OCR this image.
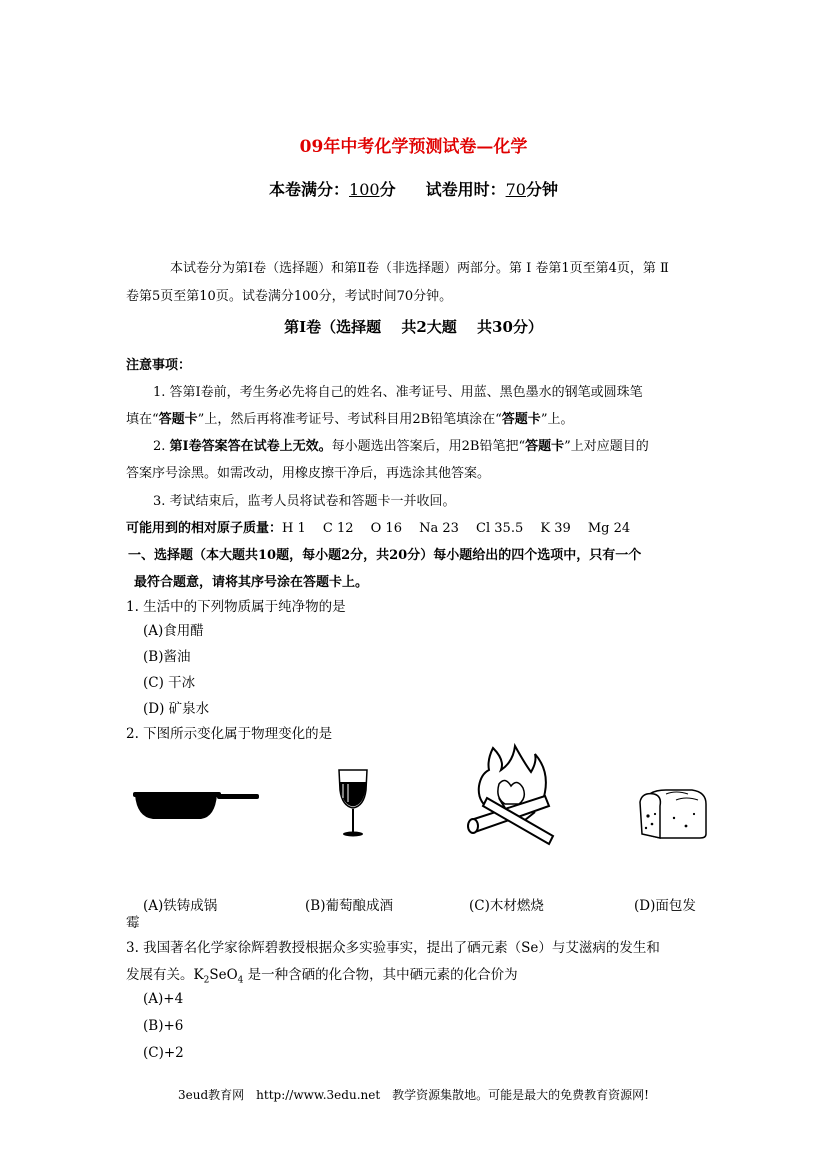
09年中考化学预测试卷—化学
本卷满分：100分 试卷用时：70分钟
本试卷分为第Ⅰ卷（选择题）和第Ⅱ卷（非选择题）两部分。第 Ⅰ 卷第1页至第4页，第 Ⅱ
卷第5页至第10页。试卷满分100分，考试时间70分钟。
第Ⅰ卷（选择题　 共2大题　 共30分）
注意事项：
1. 答第Ⅰ卷前，考生务必先将自己的姓名、准考证号、用蓝、黑色墨水的钢笔或圆珠笔
填在“答题卡”上，然后再将准考证号、考试科目用2B铅笔填涂在“答题卡”上。
2. 第Ⅰ卷答案答在试卷上无效。每小题选出答案后，用2B铅笔把“答题卡”上对应题目的
答案序号涂黑。如需改动，用橡皮擦干净后，再选涂其他答案。
3. 考试结束后，监考人员将试卷和答题卡一并收回。
可能用到的相对原子质量：H 1　 C 12　 O 16　 Na 23　 Cl 35.5　 K 39　 Mg 24
一、选择题（本大题共10题，每小题2分，共20分）每小题给出的四个选项中，只有一个
最符合题意，请将其序号涂在答题卡上。
1. 生活中的下列物质属于纯净物的是
(A)食用醋
(B)酱油
(C) 干冰
(D) 矿泉水
2. 下图所示变化属于物理变化的是
(A)铁铸成锅	(B)葡萄酿成酒	(C)木材燃烧	(D)面包发
霉
3. 我国著名化学家徐辉碧教授根据众多实验事实，提出了硒元素（Se）与艾滋病的发生和
发展有关。$K_2SeO_4$ 是一种含硒的化合物，其中硒元素的化合价为
(A)+4
(B)+6
(C)+2
3eud教育网 http://www.3edu.net 教学资源集散地。可能是最大的免费教育资源网!
